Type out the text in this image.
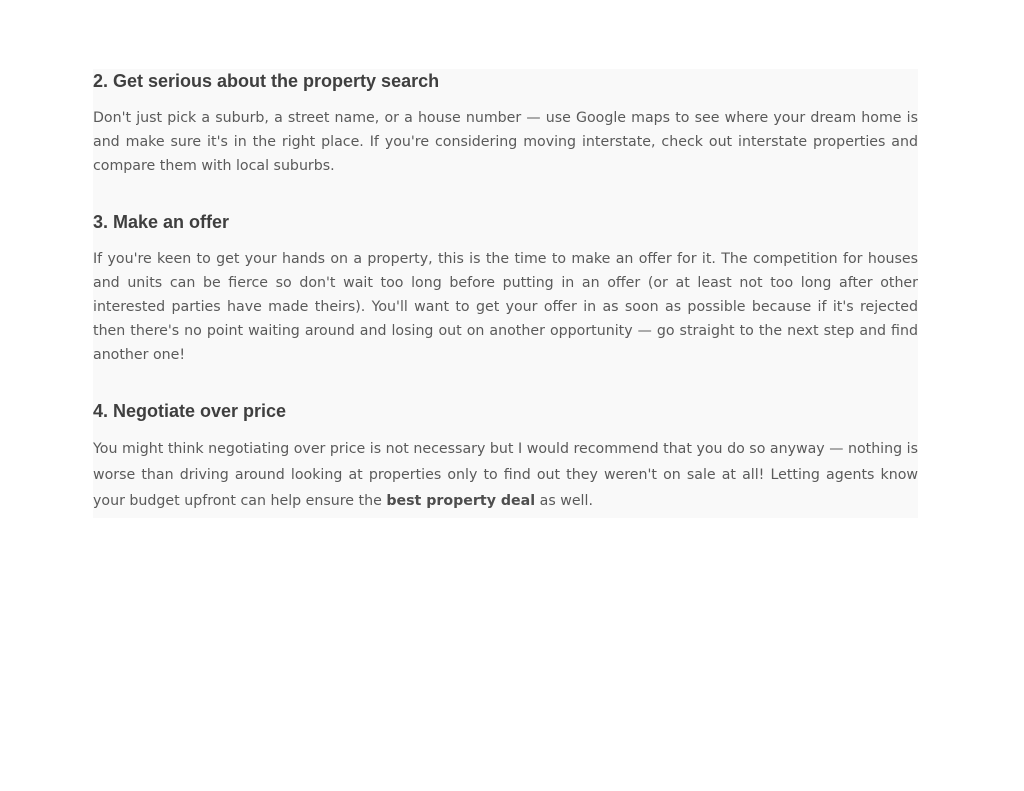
2. Get serious about the property search

Don't just pick a suburb, a street name, or a house number — use Google maps to see where your dream home is and make sure it's in the right place. If you're considering moving interstate, check out interstate properties and compare them with local suburbs.

3. Make an offer

If you're keen to get your hands on a property, this is the time to make an offer for it. The competition for houses and units can be fierce so don't wait too long before putting in an offer (or at least not too long after other interested parties have made theirs). You'll want to get your offer in as soon as possible because if it's rejected then there's no point waiting around and losing out on another opportunity — go straight to the next step and find another one!

4. Negotiate over price

You might think negotiating over price is not necessary but I would recommend that you do so anyway — nothing is worse than driving around looking at properties only to find out they weren't on sale at all! Letting agents know your budget upfront can help ensure the best property deal as well.
